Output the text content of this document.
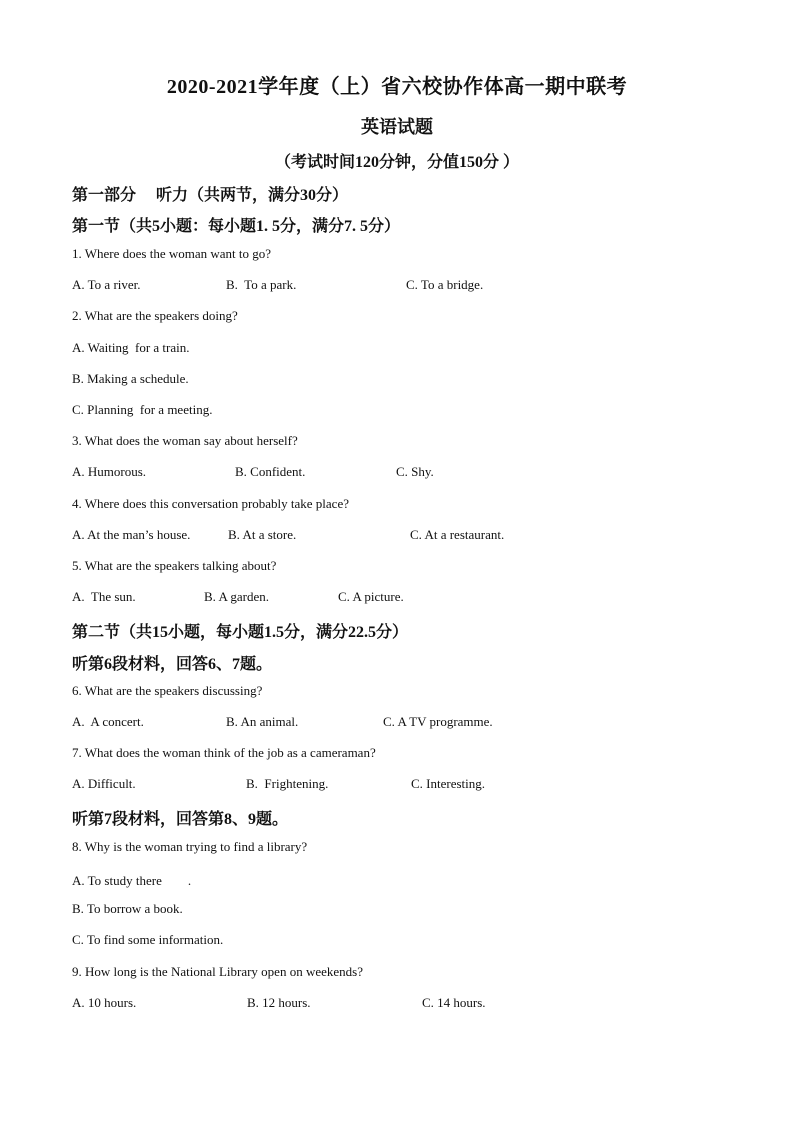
2020-2021学年度（上）省六校协作体高一期中联考
英语试题
（考试时间120分钟，分值150分 ）
第一部分　 听力（共两节，满分30分）
第一节（共5小题：每小题1. 5分，满分7. 5分）
1. Where does the woman want to go?
A. To a river.	B.  To a park.	C. To a bridge.
2. What are the speakers doing?
A. Waiting  for a train.
B. Making a schedule.
C. Planning  for a meeting.
3. What does the woman say about herself?
A. Humorous.	B. Confident.	C. Shy.
4. Where does this conversation probably take place?
A. At the man’s house.	B. At a store.	C. At a restaurant.
5. What are the speakers talking about?
A.  The sun.	B. A garden.	C. A picture.
第二节（共15小题，每小题1.5分，满分22.5分）
听第6段材料，回答6、7题。
6. What are the speakers discussing?
A.  A concert.	B. An animal.	C. A TV programme.
7. What does the woman think of the job as a cameraman?
A. Difficult.	B.  Frightening.	C. Interesting.
听第7段材料，回答第8、9题。
8. Why is the woman trying to find a library?
A. To study there　　.
B. To borrow a book.
C. To find some information.
9. How long is the National Library open on weekends?
A. 10 hours.	B. 12 hours.	C. 14 hours.
